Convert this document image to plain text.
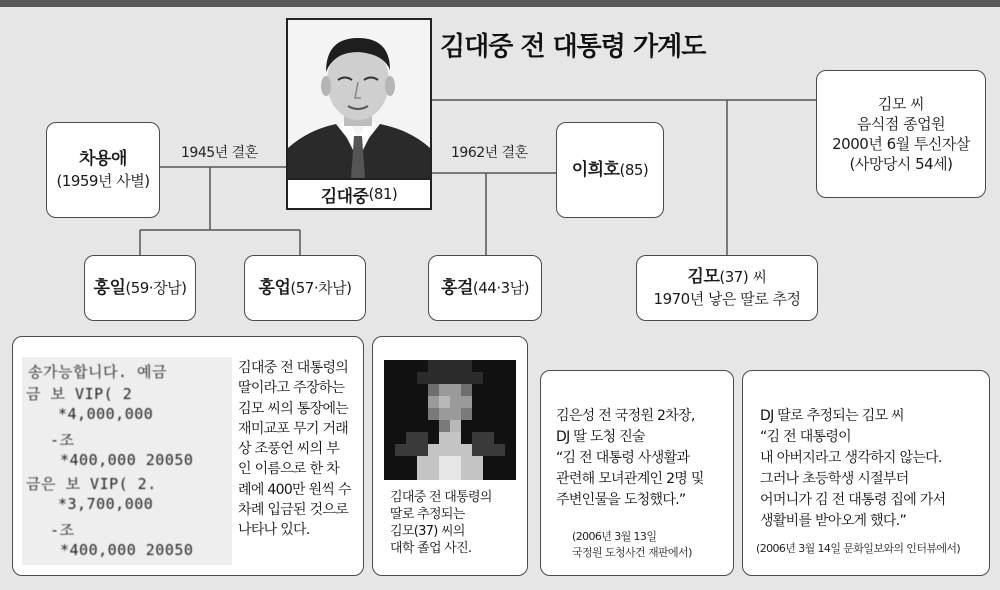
김대중 전 대통령 가계도
김대중 (81)
1945년 결혼	1962년 결혼
차용애
(1959년 사별)
이희호 (85)
김모 씨
음식점 종업원
2000년 6월 투신자살
(사망당시 54세)
홍일 (59·장남)	홍업 (57·차남)	홍걸 (44·3남)
김모(37) 씨
1970년 낳은 딸로 추정
송가능합니다. 예금
금 보 VIP( 2
*4,000,000
-조
*400,000 20050
금은 보 VIP( 2.
*3,700,000
-조
*400,000 20050
김대중 전 대통령의
딸이라고 주장하는
김모 씨의 통장에는
재미교포 무기 거래
상 조풍언 씨의 부
인 이름으로 한 차
례에 400만 원씩 수
차례 입금된 것으로
나타나 있다.
김대중 전 대통령의
딸로 추정되는
김모(37) 씨의
대학 졸업 사진.
김은성 전 국정원 2차장,
DJ 딸 도청 진술
“김 전 대통령 사생활과
관련해 모녀관계인 2명 및
주변인물을 도청했다.”
(2006년 3월 13일
국정원 도청사건 재판에서)
DJ 딸로 추정되는 김모 씨
“김 전 대통령이
내 아버지라고 생각하지 않는다.
그러나 초등학생 시절부터
어머니가 김 전 대통령 집에 가서
생활비를 받아오게 했다.”
(2006년 3월 14일 문화일보와의 인터뷰에서)
